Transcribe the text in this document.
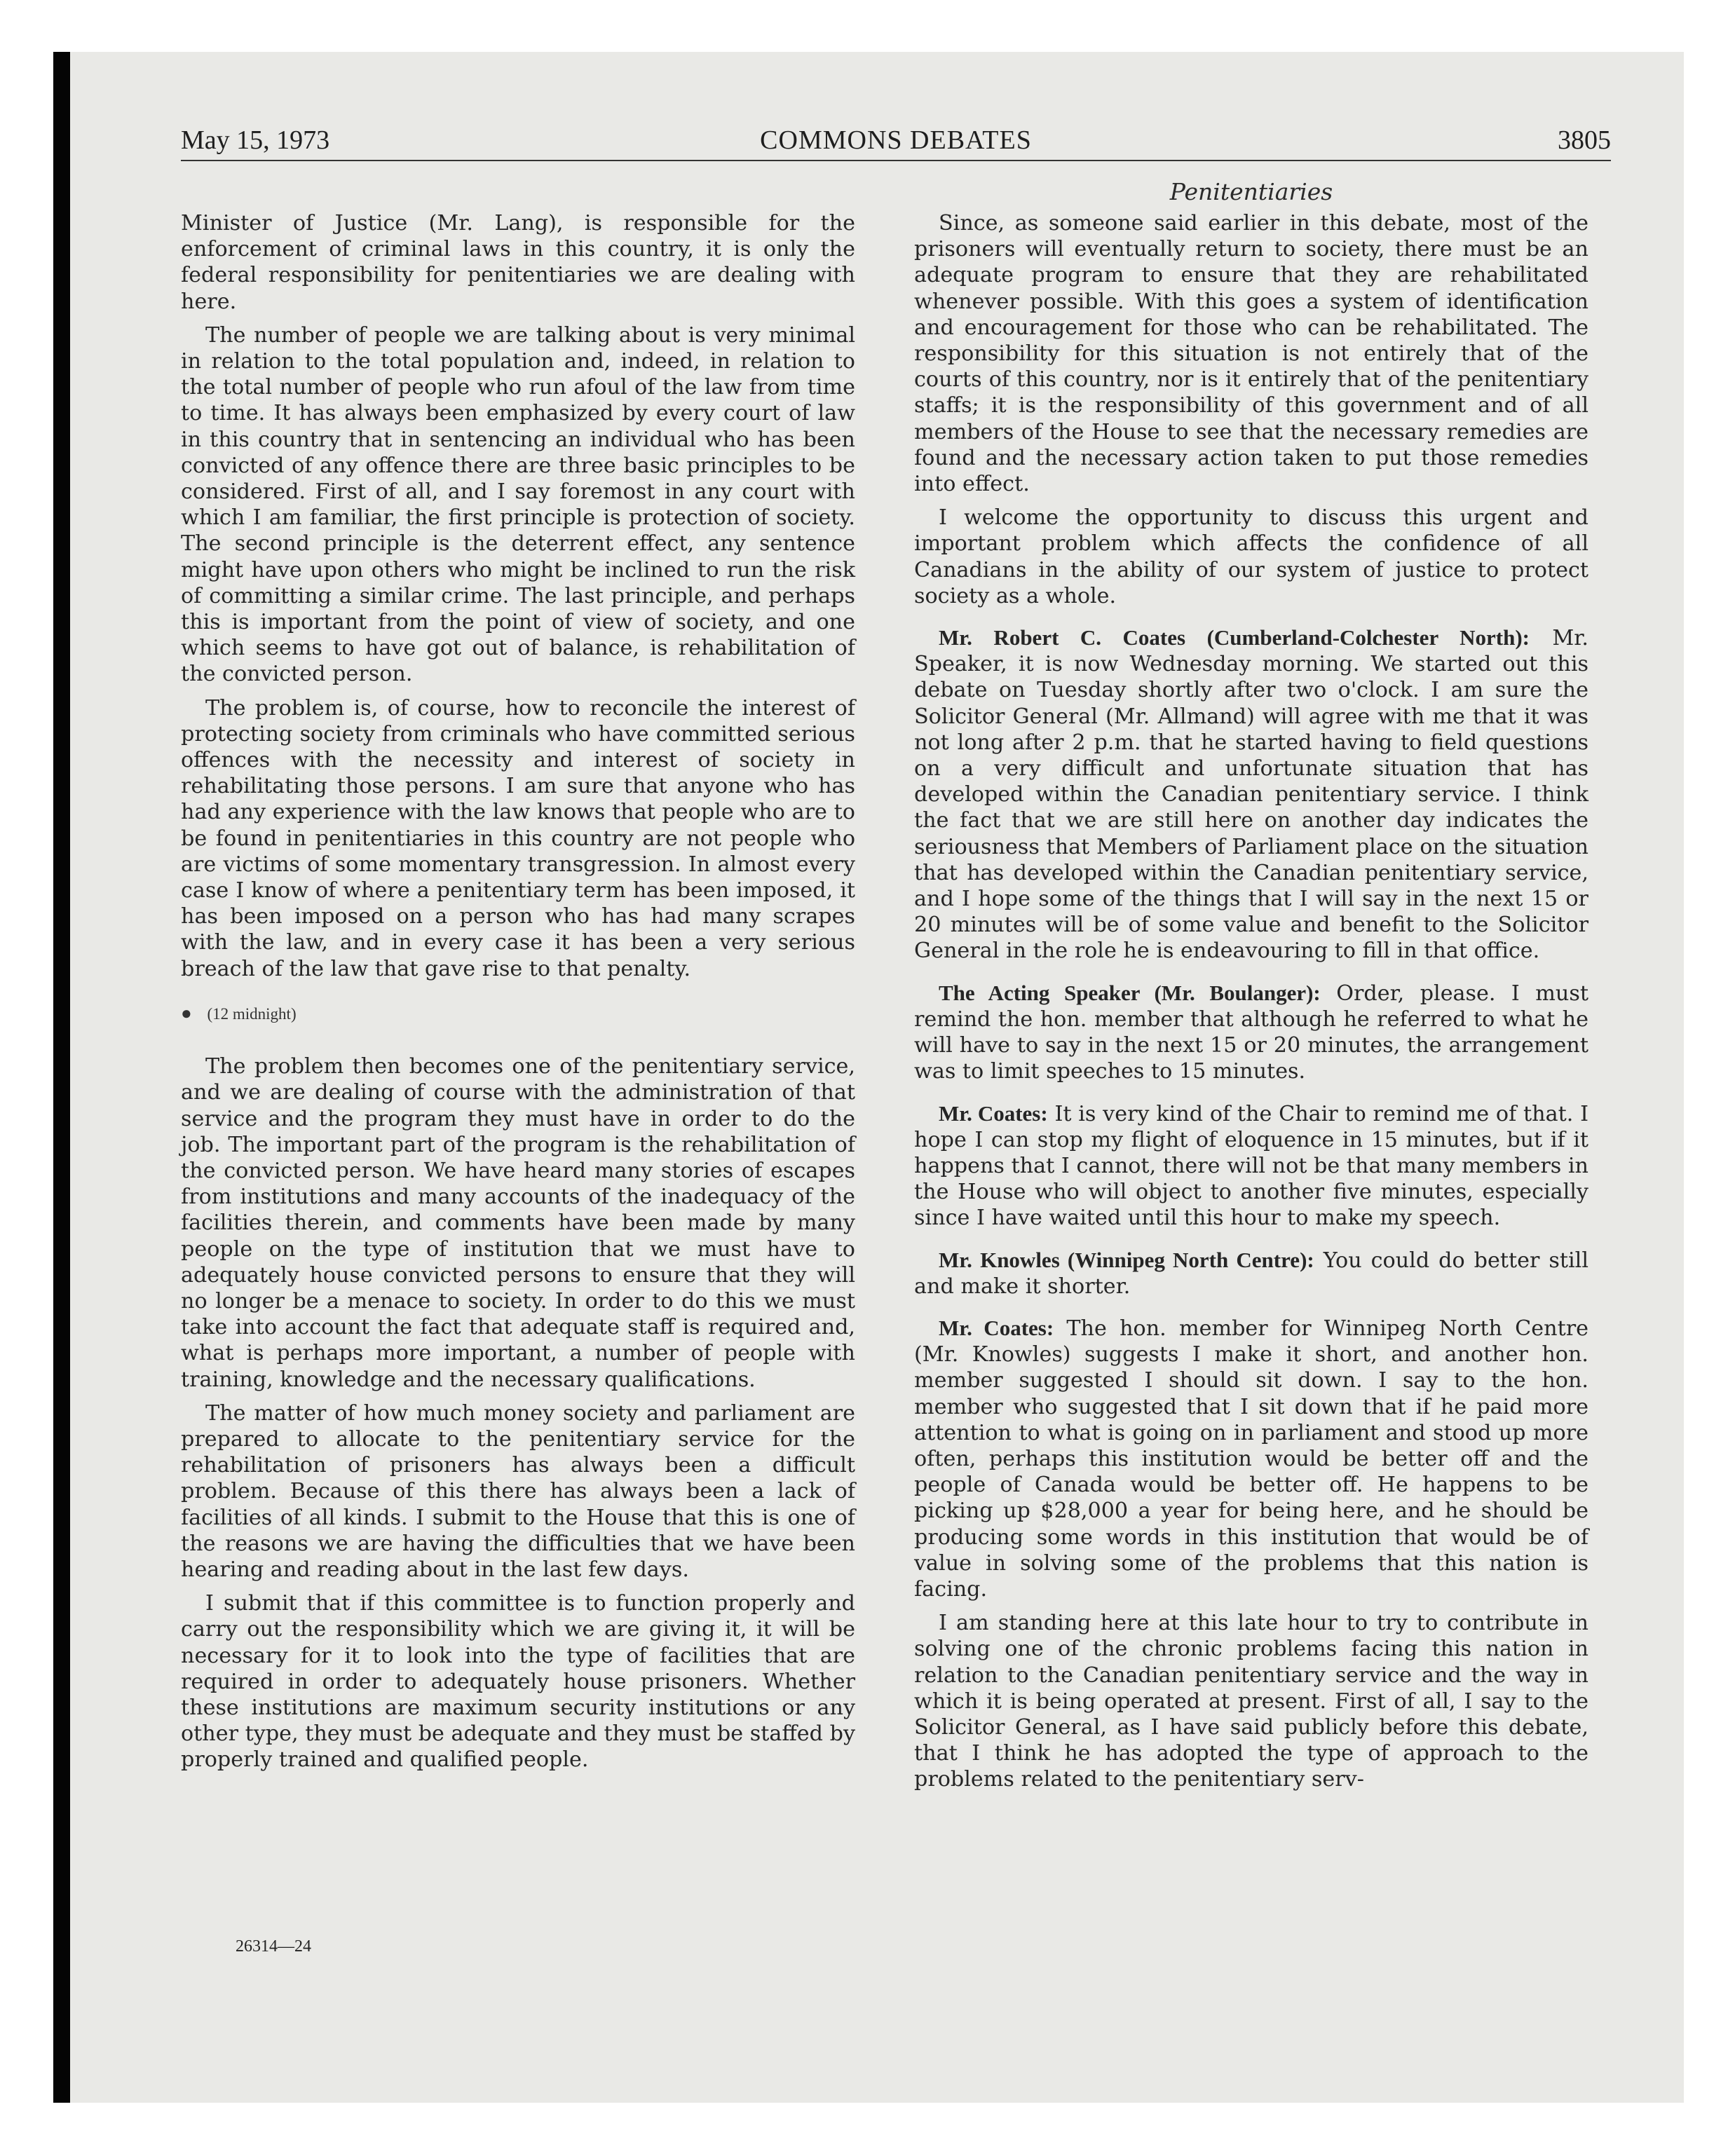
May 15, 1973	COMMONS DEBATES	3805
Penitentiaries

Minister of Justice (Mr. Lang), is responsible for the enforcement of criminal laws in this country, it is only the federal responsibility for penitentiaries we are dealing with here.

The number of people we are talking about is very minimal in relation to the total population and, indeed, in relation to the total number of people who run afoul of the law from time to time. It has always been emphasized by every court of law in this country that in sentencing an individual who has been convicted of any offence there are three basic principles to be considered. First of all, and I say foremost in any court with which I am familiar, the first principle is protection of society. The second principle is the deterrent effect, any sentence might have upon others who might be inclined to run the risk of committing a similar crime. The last principle, and perhaps this is important from the point of view of society, and one which seems to have got out of balance, is rehabilitation of the convicted person.

The problem is, of course, how to reconcile the interest of protecting society from criminals who have committed serious offences with the necessity and interest of society in rehabilitating those persons. I am sure that anyone who has had any experience with the law knows that people who are to be found in penitentiaries in this country are not people who are victims of some momentary transgression. In almost every case I know of where a penitentiary term has been imposed, it has been imposed on a person who has had many scrapes with the law, and in every case it has been a very serious breach of the law that gave rise to that penalty.

● (12 midnight)

The problem then becomes one of the penitentiary service, and we are dealing of course with the administration of that service and the program they must have in order to do the job. The important part of the program is the rehabilitation of the convicted person. We have heard many stories of escapes from institutions and many accounts of the inadequacy of the facilities therein, and comments have been made by many people on the type of institution that we must have to adequately house convicted persons to ensure that they will no longer be a menace to society. In order to do this we must take into account the fact that adequate staff is required and, what is perhaps more important, a number of people with training, knowledge and the necessary qualifications.

The matter of how much money society and parliament are prepared to allocate to the penitentiary service for the rehabilitation of prisoners has always been a difficult problem. Because of this there has always been a lack of facilities of all kinds. I submit to the House that this is one of the reasons we are having the difficulties that we have been hearing and reading about in the last few days.

I submit that if this committee is to function properly and carry out the responsibility which we are giving it, it will be necessary for it to look into the type of facilities that are required in order to adequately house prisoners. Whether these institutions are maximum security institutions or any other type, they must be adequate and they must be staffed by properly trained and qualified people.

Since, as someone said earlier in this debate, most of the prisoners will eventually return to society, there must be an adequate program to ensure that they are rehabilitated whenever possible. With this goes a system of identification and encouragement for those who can be rehabilitated. The responsibility for this situation is not entirely that of the courts of this country, nor is it entirely that of the penitentiary staffs; it is the responsibility of this government and of all members of the House to see that the necessary remedies are found and the necessary action taken to put those remedies into effect.

I welcome the opportunity to discuss this urgent and important problem which affects the confidence of all Canadians in the ability of our system of justice to protect society as a whole.

Mr. Robert C. Coates (Cumberland-Colchester North): Mr. Speaker, it is now Wednesday morning. We started out this debate on Tuesday shortly after two o'clock. I am sure the Solicitor General (Mr. Allmand) will agree with me that it was not long after 2 p.m. that he started having to field questions on a very difficult and unfortunate situation that has developed within the Canadian penitentiary service. I think the fact that we are still here on another day indicates the seriousness that Members of Parliament place on the situation that has developed within the Canadian penitentiary service, and I hope some of the things that I will say in the next 15 or 20 minutes will be of some value and benefit to the Solicitor General in the role he is endeavouring to fill in that office.

The Acting Speaker (Mr. Boulanger): Order, please. I must remind the hon. member that although he referred to what he will have to say in the next 15 or 20 minutes, the arrangement was to limit speeches to 15 minutes.

Mr. Coates: It is very kind of the Chair to remind me of that. I hope I can stop my flight of eloquence in 15 minutes, but if it happens that I cannot, there will not be that many members in the House who will object to another five minutes, especially since I have waited until this hour to make my speech.

Mr. Knowles (Winnipeg North Centre): You could do better still and make it shorter.

Mr. Coates: The hon. member for Winnipeg North Centre (Mr. Knowles) suggests I make it short, and another hon. member suggested I should sit down. I say to the hon. member who suggested that I sit down that if he paid more attention to what is going on in parliament and stood up more often, perhaps this institution would be better off and the people of Canada would be better off. He happens to be picking up $28,000 a year for being here, and he should be producing some words in this institution that would be of value in solving some of the problems that this nation is facing.

I am standing here at this late hour to try to contribute in solving one of the chronic problems facing this nation in relation to the Canadian penitentiary service and the way in which it is being operated at present. First of all, I say to the Solicitor General, as I have said publicly before this debate, that I think he has adopted the type of approach to the problems related to the penitentiary serv-

26314—24
